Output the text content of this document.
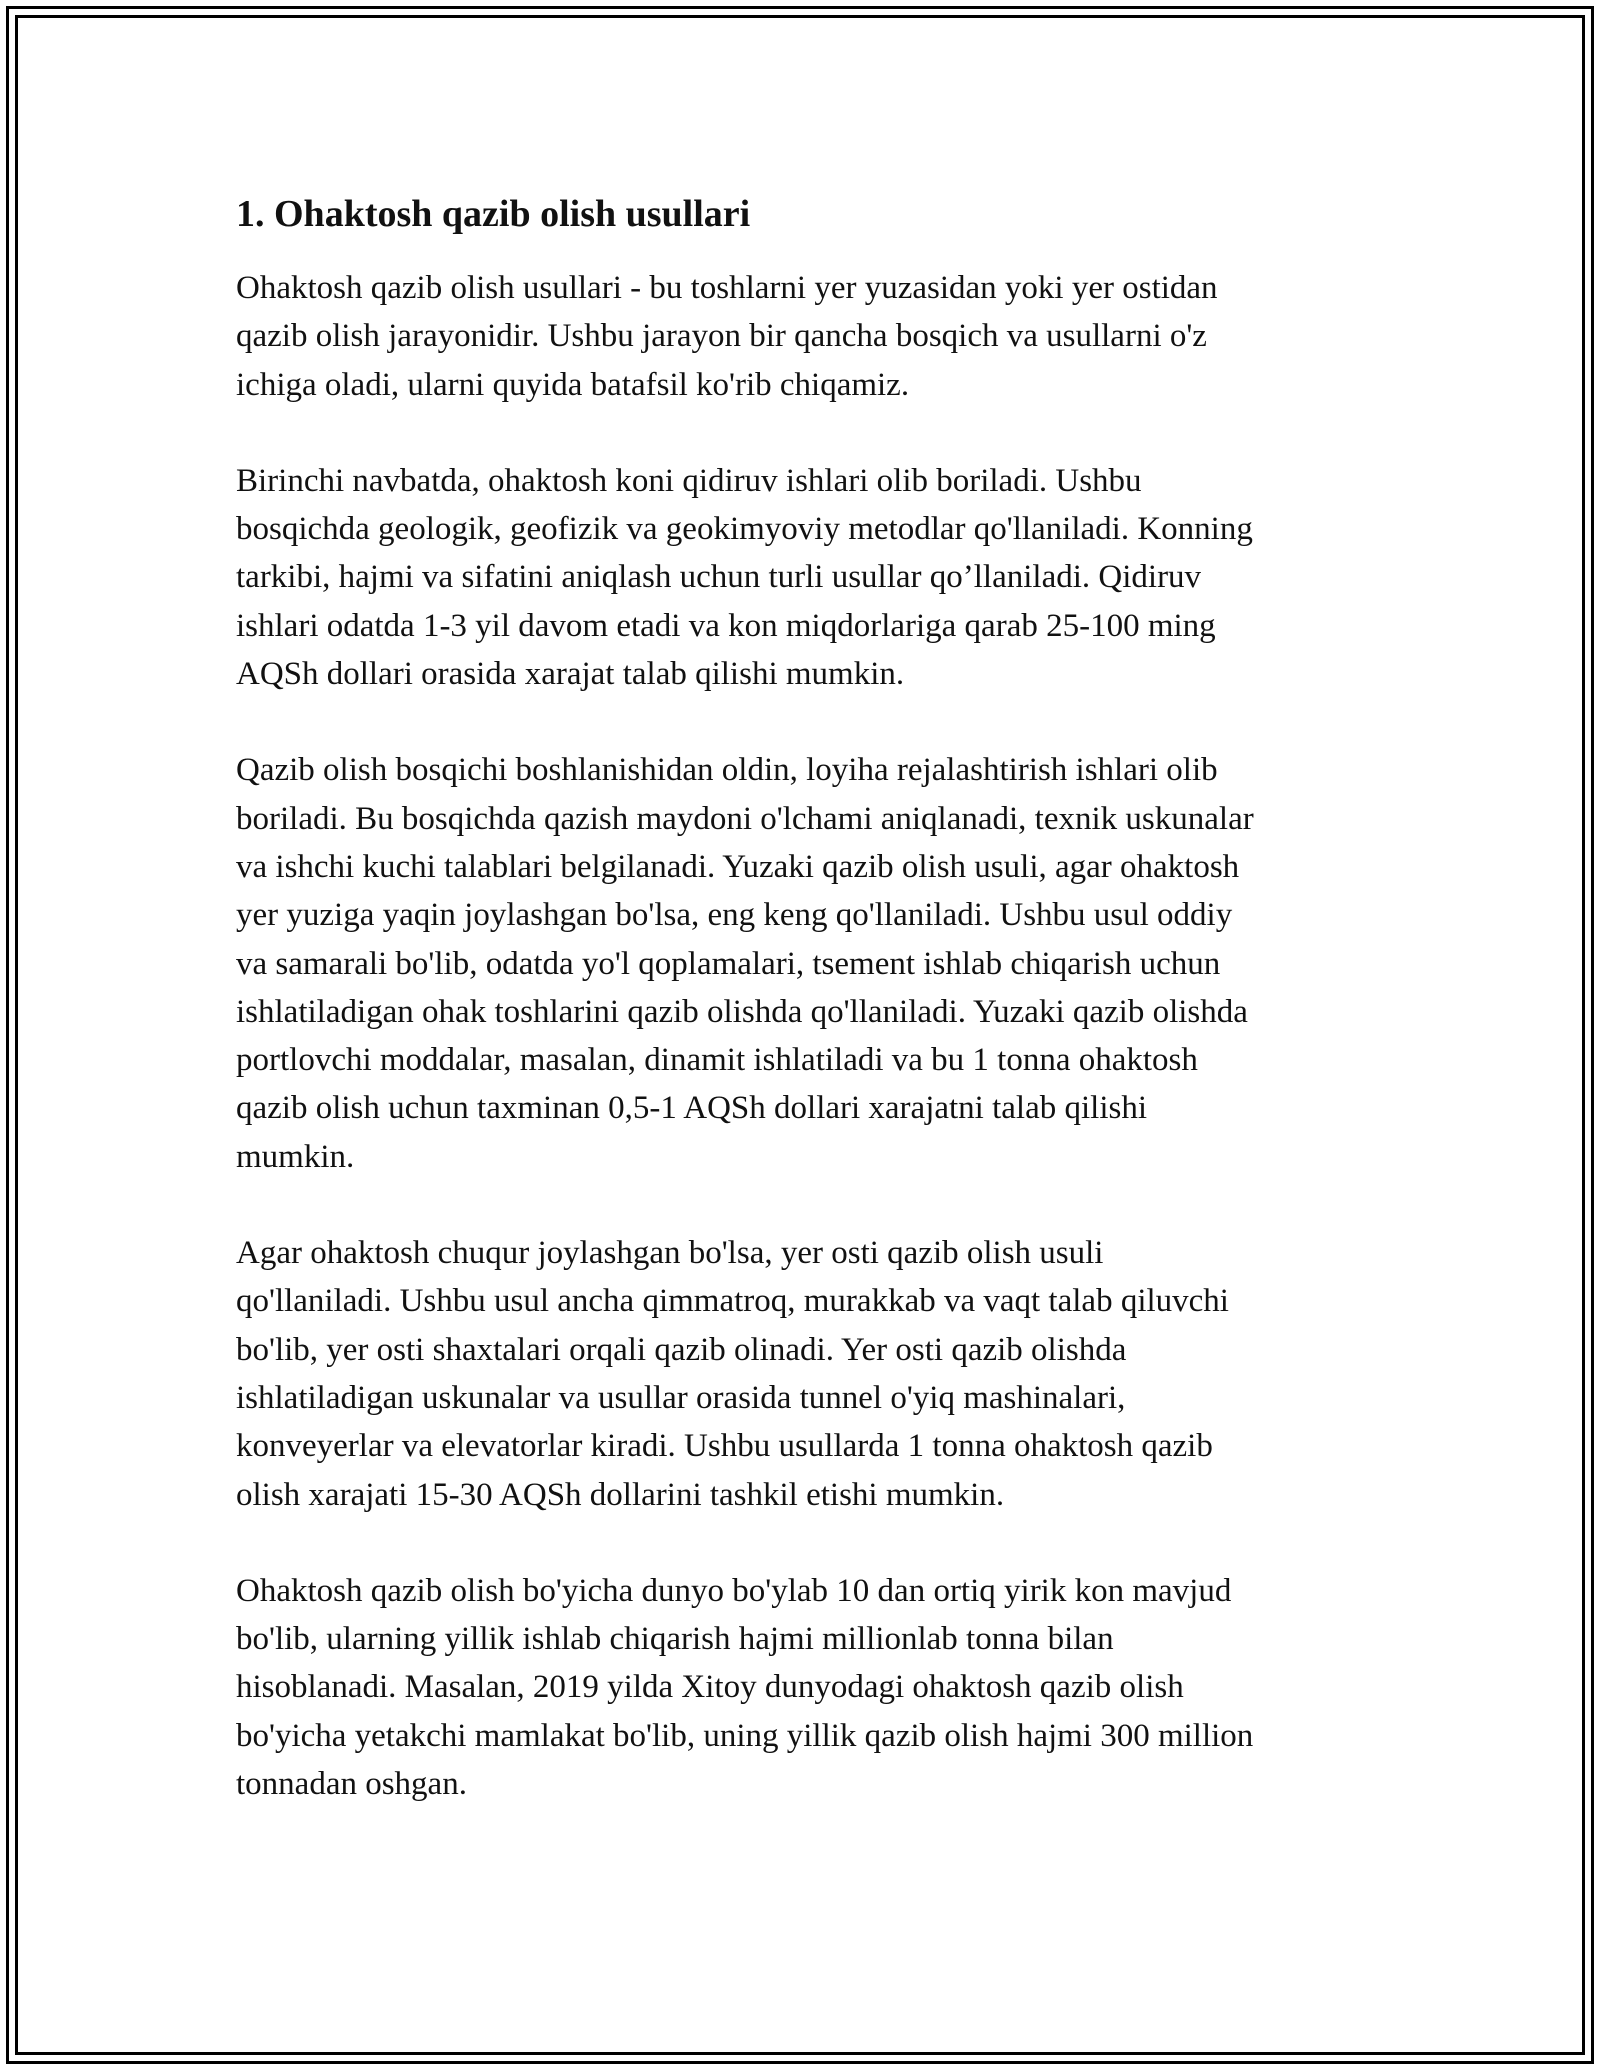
1. Ohaktosh qazib olish usullari

Ohaktosh qazib olish usullari - bu toshlarni yer yuzasidan yoki yer ostidan
qazib olish jarayonidir. Ushbu jarayon bir qancha bosqich va usullarni o'z
ichiga oladi, ularni quyida batafsil ko'rib chiqamiz.

Birinchi navbatda, ohaktosh koni qidiruv ishlari olib boriladi. Ushbu
bosqichda geologik, geofizik va geokimyoviy metodlar qo'llaniladi. Konning
tarkibi, hajmi va sifatini aniqlash uchun turli usullar qo’llaniladi. Qidiruv
ishlari odatda 1-3 yil davom etadi va kon miqdorlariga qarab 25-100 ming
AQSh dollari orasida xarajat talab qilishi mumkin.

Qazib olish bosqichi boshlanishidan oldin, loyiha rejalashtirish ishlari olib
boriladi. Bu bosqichda qazish maydoni o'lchami aniqlanadi, texnik uskunalar
va ishchi kuchi talablari belgilanadi. Yuzaki qazib olish usuli, agar ohaktosh
yer yuziga yaqin joylashgan bo'lsa, eng keng qo'llaniladi. Ushbu usul oddiy
va samarali bo'lib, odatda yo'l qoplamalari, tsement ishlab chiqarish uchun
ishlatiladigan ohak toshlarini qazib olishda qo'llaniladi. Yuzaki qazib olishda
portlovchi moddalar, masalan, dinamit ishlatiladi va bu 1 tonna ohaktosh
qazib olish uchun taxminan 0,5-1 AQSh dollari xarajatni talab qilishi
mumkin.

Agar ohaktosh chuqur joylashgan bo'lsa, yer osti qazib olish usuli
qo'llaniladi. Ushbu usul ancha qimmatroq, murakkab va vaqt talab qiluvchi
bo'lib, yer osti shaxtalari orqali qazib olinadi. Yer osti qazib olishda
ishlatiladigan uskunalar va usullar orasida tunnel o'yiq mashinalari,
konveyerlar va elevatorlar kiradi. Ushbu usullarda 1 tonna ohaktosh qazib
olish xarajati 15-30 AQSh dollarini tashkil etishi mumkin.

Ohaktosh qazib olish bo'yicha dunyo bo'ylab 10 dan ortiq yirik kon mavjud
bo'lib, ularning yillik ishlab chiqarish hajmi millionlab tonna bilan
hisoblanadi. Masalan, 2019 yilda Xitoy dunyodagi ohaktosh qazib olish
bo'yicha yetakchi mamlakat bo'lib, uning yillik qazib olish hajmi 300 million
tonnadan oshgan.
